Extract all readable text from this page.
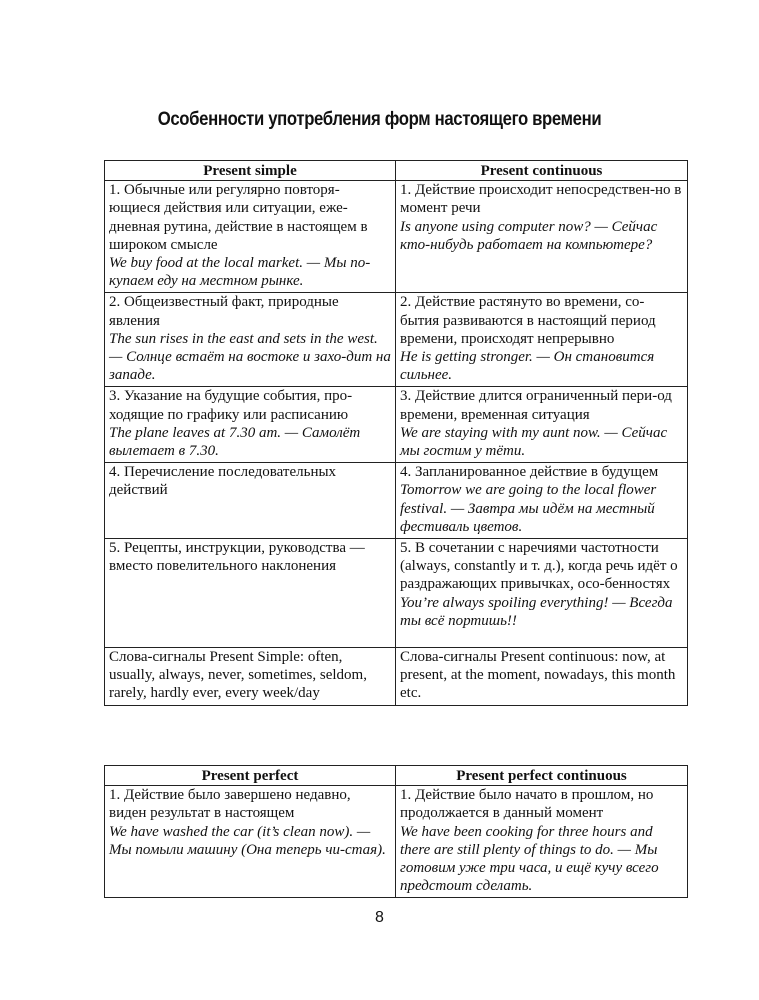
Особенности употребления форм настоящего времени
Present simple	Present continuous

1. Обычные или регулярно повторя-ющиеся действия или ситуации, еже-дневная рутина, действие в настоящем в широком смысле
We buy food at the local market. — Мы по-купаем еду на местном рынке.	1. Действие происходит непосредствен-но в момент речи
Is anyone using computer now? — Сейчас кто-нибудь работает на компьютере?

2. Общеизвестный факт, природные явления
The sun rises in the east and sets in the west. — Солнце встаёт на востоке и захо-дит на западе.	2. Действие растянуто во времени, со-бытия развиваются в настоящий период времени, происходят непрерывно
He is getting stronger. — Он становится сильнее.

3. Указание на будущие события, про-ходящие по графику или расписанию
The plane leaves at 7.30 am. — Самолёт вылетает в 7.30.	3. Действие длится ограниченный пери-од времени, временная ситуация
We are staying with my aunt now. — Сейчас мы гостим у тёти.

4. Перечисление последовательных действий	4. Запланированное действие в будущем
Tomorrow we are going to the local flower festival. — Завтра мы идём на местный фестиваль цветов.

5. Рецепты, инструкции, руководства — вместо повелительного наклонения	5. В сочетании с наречиями частотности (always, constantly и т. д.), когда речь идёт о раздражающих привычках, осо-бенностях
You’re always spoiling everything! — Всегда ты всё портишь!!

Слова-сигналы Present Simple: often, usually, always, never, sometimes, seldom, rarely, hardly ever, every week/day	Слова-сигналы Present continuous: now, at present, at the moment, nowadays, this month etc.
Present perfect	Present perfect continuous

1. Действие было завершено недавно, виден результат в настоящем
We have washed the car (it’s clean now). — Мы помыли машину (Она теперь чи-стая).	1. Действие было начато в прошлом, но продолжается в данный момент
We have been cooking for three hours and there are still plenty of things to do. — Мы готовим уже три часа, и ещё кучу всего предстоит сделать.
8
